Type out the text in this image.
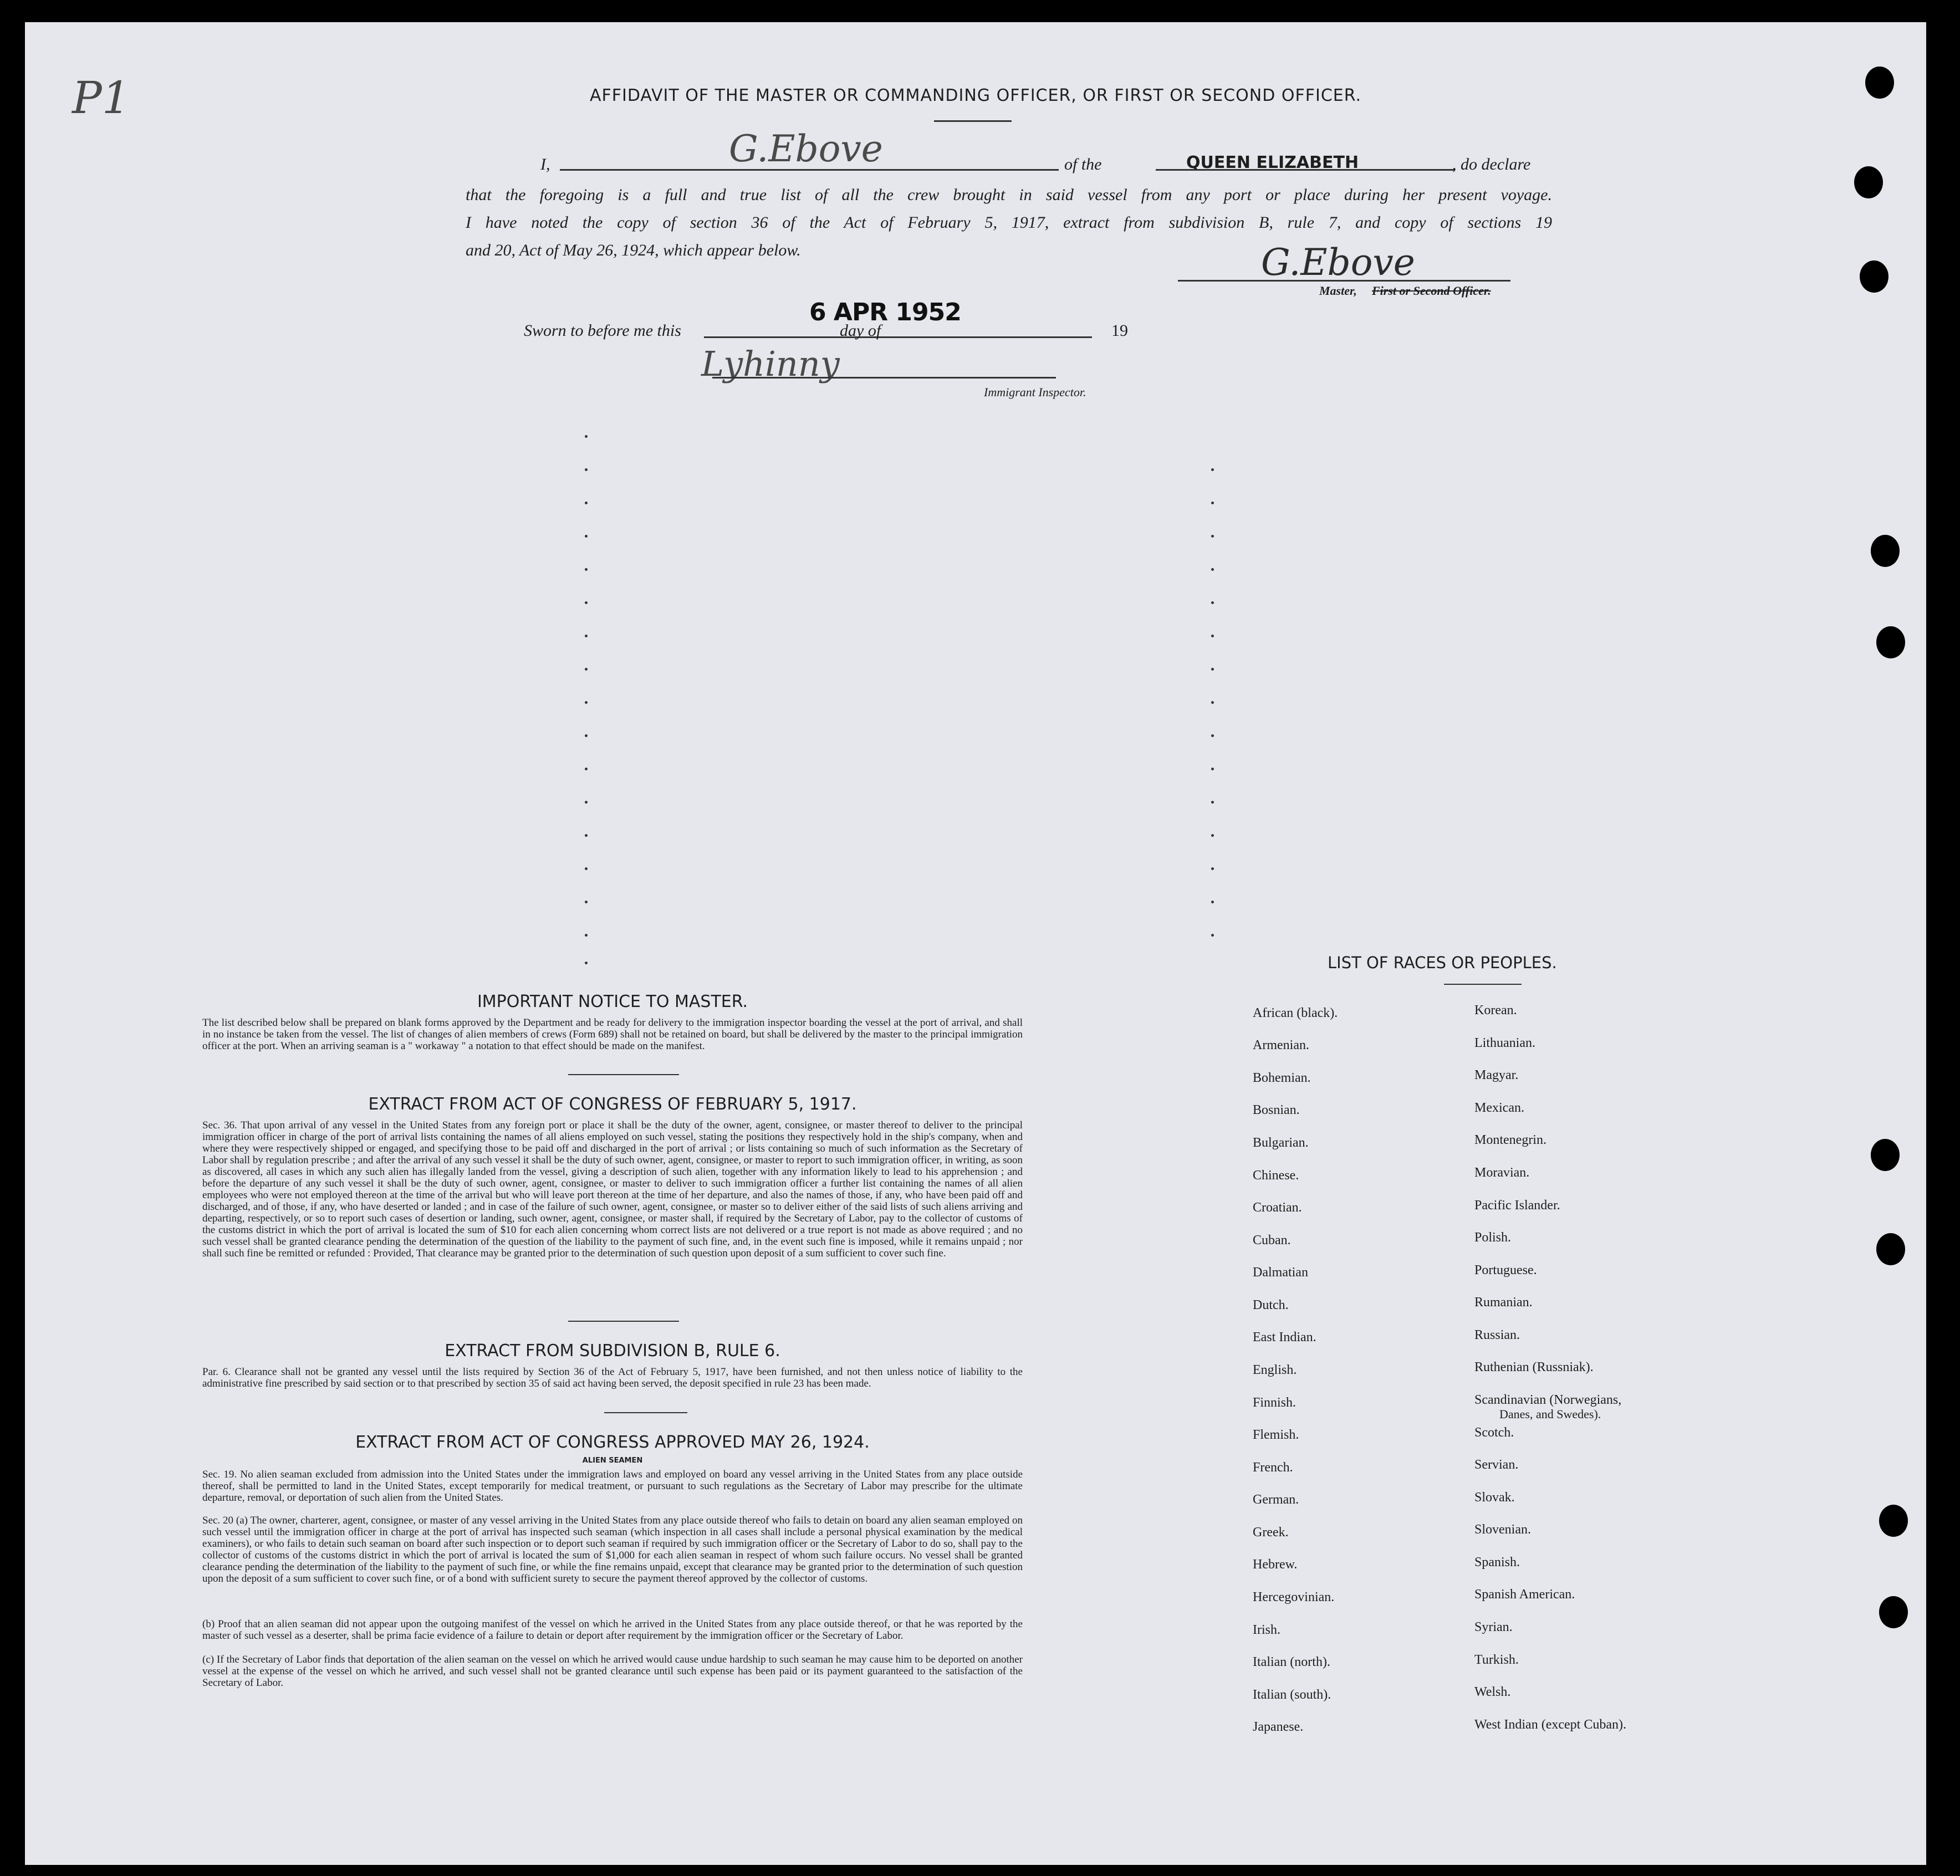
P1	AFFIDAVIT OF THE MASTER OR COMMANDING OFFICER, OR FIRST OR SECOND OFFICER.
I,	G.Ebove	of the	QUEEN ELIZABETH	, do declare
that the foregoing is a full and true list of all the crew brought in said vessel from any port or place during her present voyage.
I have noted the copy of section 36 of the Act of February 5, 1917, extract from subdivision B, rule 7, and copy of sections 19
and 20, Act of May 26, 1924, which appear below.	G.Ebove
Master, First or Second Officer.
Sworn to before me this
6 APR 1952
day of	19
Lyhinny
Immigrant Inspector.
IMPORTANT NOTICE TO MASTER.
The list described below shall be prepared on blank forms approved by the Department and be ready for delivery to the immigration inspector boarding the vessel at the port of arrival, and shall in no instance be taken from the vessel. The list of changes of alien members of crews (Form 689) shall not be retained on board, but shall be delivered by the master to the principal immigration officer at the port. When an arriving seaman is a " workaway " a notation to that effect should be made on the manifest.
EXTRACT FROM ACT OF CONGRESS OF FEBRUARY 5, 1917.
Sec. 36. That upon arrival of any vessel in the United States from any foreign port or place it shall be the duty of the owner, agent, consignee, or master thereof to deliver to the principal immigration officer in charge of the port of arrival lists containing the names of all aliens employed on such vessel, stating the positions they respectively hold in the ship's company, when and where they were respectively shipped or engaged, and specifying those to be paid off and discharged in the port of arrival ; or lists containing so much of such information as the Secretary of Labor shall by regulation prescribe ; and after the arrival of any such vessel it shall be the duty of such owner, agent, consignee, or master to report to such immigration officer, in writing, as soon as discovered, all cases in which any such alien has illegally landed from the vessel, giving a description of such alien, together with any information likely to lead to his apprehension ; and before the departure of any such vessel it shall be the duty of such owner, agent, consignee, or master to deliver to such immigration officer a further list containing the names of all alien employees who were not employed thereon at the time of the arrival but who will leave port thereon at the time of her departure, and also the names of those, if any, who have been paid off and discharged, and of those, if any, who have deserted or landed ; and in case of the failure of such owner, agent, consignee, or master so to deliver either of the said lists of such aliens arriving and departing, respectively, or so to report such cases of desertion or landing, such owner, agent, consignee, or master shall, if required by the Secretary of Labor, pay to the collector of customs of the customs district in which the port of arrival is located the sum of $10 for each alien concerning whom correct lists are not delivered or a true report is not made as above required ; and no such vessel shall be granted clearance pending the determination of the question of the liability to the payment of such fine, and, in the event such fine is imposed, while it remains unpaid ; nor shall such fine be remitted or refunded : Provided, That clearance may be granted prior to the determination of such question upon deposit of a sum sufficient to cover such fine.
EXTRACT FROM SUBDIVISION B, RULE 6.
Par. 6. Clearance shall not be granted any vessel until the lists required by Section 36 of the Act of February 5, 1917, have been furnished, and not then unless notice of liability to the administrative fine prescribed by said section or to that prescribed by section 35 of said act having been served, the deposit specified in rule 23 has been made.
EXTRACT FROM ACT OF CONGRESS APPROVED MAY 26, 1924.
ALIEN SEAMEN
Sec. 19. No alien seaman excluded from admission into the United States under the immigration laws and employed on board any vessel arriving in the United States from any place outside thereof, shall be permitted to land in the United States, except temporarily for medical treatment, or pursuant to such regulations as the Secretary of Labor may prescribe for the ultimate departure, removal, or deportation of such alien from the United States.
Sec. 20 (a) The owner, charterer, agent, consignee, or master of any vessel arriving in the United States from any place outside thereof who fails to detain on board any alien seaman employed on such vessel until the immigration officer in charge at the port of arrival has inspected such seaman (which inspection in all cases shall include a personal physical examination by the medical examiners), or who fails to detain such seaman on board after such inspection or to deport such seaman if required by such immigration officer or the Secretary of Labor to do so, shall pay to the collector of customs of the customs district in which the port of arrival is located the sum of $1,000 for each alien seaman in respect of whom such failure occurs. No vessel shall be granted clearance pending the determination of the liability to the payment of such fine, or while the fine remains unpaid, except that clearance may be granted prior to the determination of such question upon the deposit of a sum sufficient to cover such fine, or of a bond with sufficient surety to secure the payment thereof approved by the collector of customs.
(b) Proof that an alien seaman did not appear upon the outgoing manifest of the vessel on which he arrived in the United States from any place outside thereof, or that he was reported by the master of such vessel as a deserter, shall be prima facie evidence of a failure to detain or deport after requirement by the immigration officer or the Secretary of Labor.
(c) If the Secretary of Labor finds that deportation of the alien seaman on the vessel on which he arrived would cause undue hardship to such seaman he may cause him to be deported on another vessel at the expense of the vessel on which he arrived, and such vessel shall not be granted clearance until such expense has been paid or its payment guaranteed to the satisfaction of the Secretary of Labor.
LIST OF RACES OR PEOPLES.
African (black).
Armenian.
Bohemian.
Bosnian.
Bulgarian.
Chinese.
Croatian.
Cuban.
Dalmatian
Dutch.
East Indian.
English.
Finnish.
Flemish.
French.
German.
Greek.
Hebrew.
Hercegovinian.
Irish.
Italian (north).
Italian (south).
Japanese.
Korean.
Lithuanian.
Magyar.
Mexican.
Montenegrin.
Moravian.
Pacific Islander.
Polish.
Portuguese.
Rumanian.
Russian.
Ruthenian (Russniak).
Scandinavian (Norwegians,
Danes, and Swedes).
Scotch.
Servian.
Slovak.
Slovenian.
Spanish.
Spanish American.
Syrian.
Turkish.
Welsh.
West Indian (except Cuban).
